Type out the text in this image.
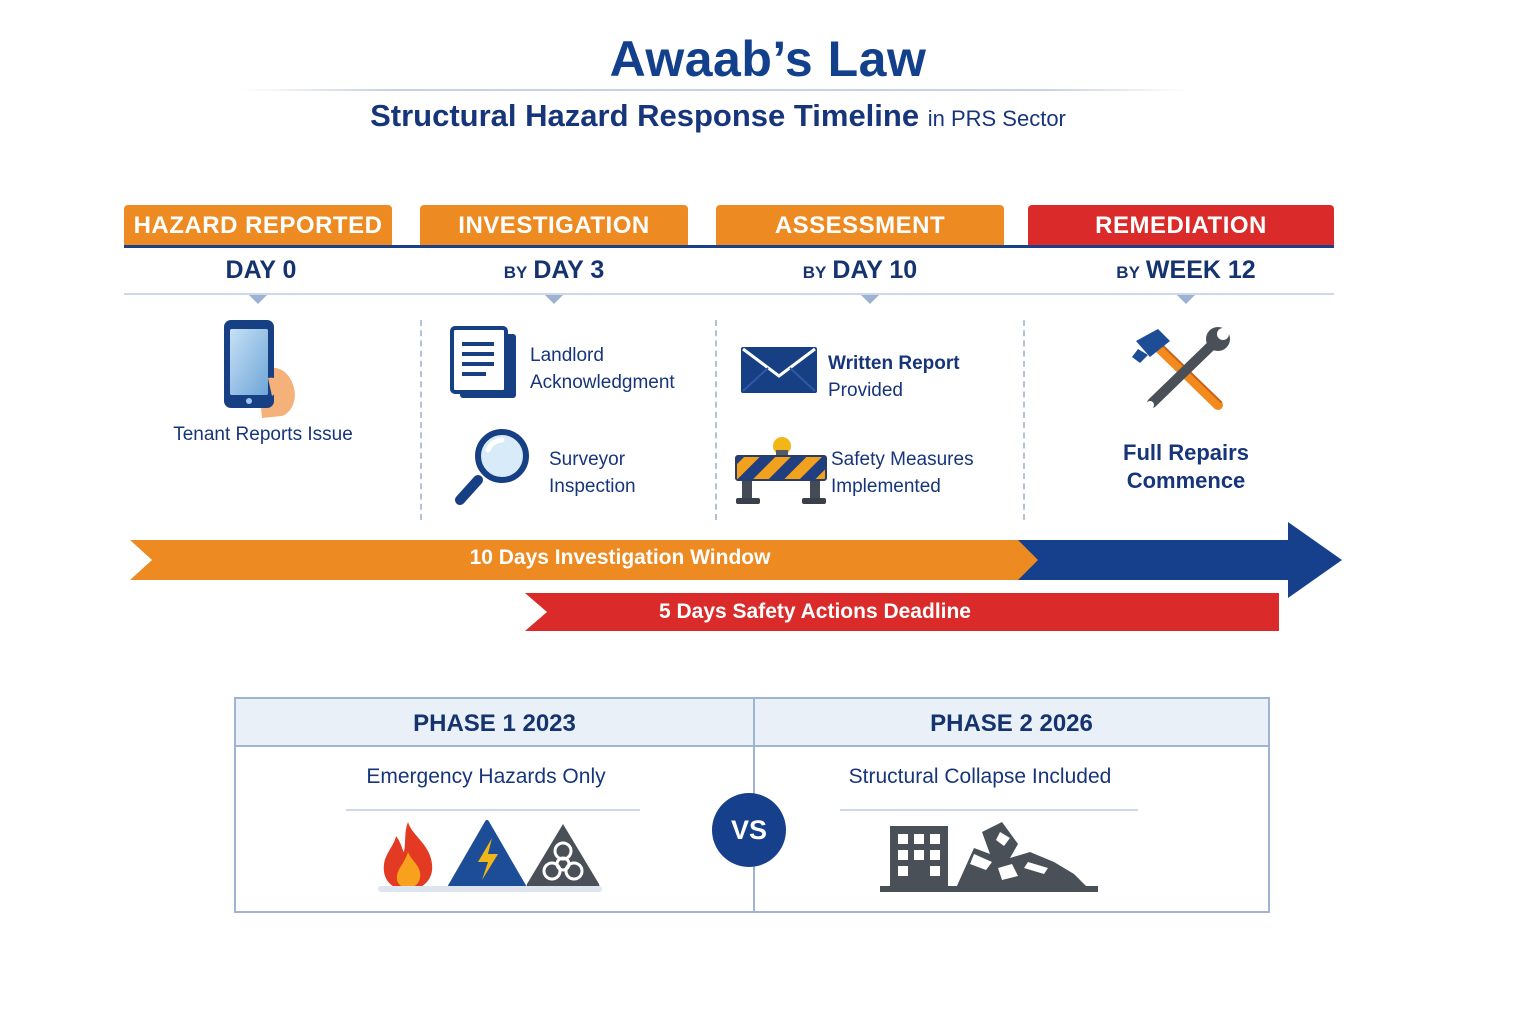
Awaab’s Law
Structural Hazard Response Timeline in PRS Sector
HAZARD REPORTED	INVESTIGATION	ASSESSMENT	REMEDIATION
DAY 0	BY DAY 3	BY DAY 10	BY WEEK 12
Tenant Reports Issue
Landlord
Acknowledgment
Surveyor
Inspection
Written Report
Provided
Safety Measures
Implemented
Full Repairs
Commence
10 Days Investigation Window
5 Days Safety Actions Deadline
PHASE 1 2023	PHASE 2 2026
Emergency Hazards Only	Structural Collapse Included
VS
